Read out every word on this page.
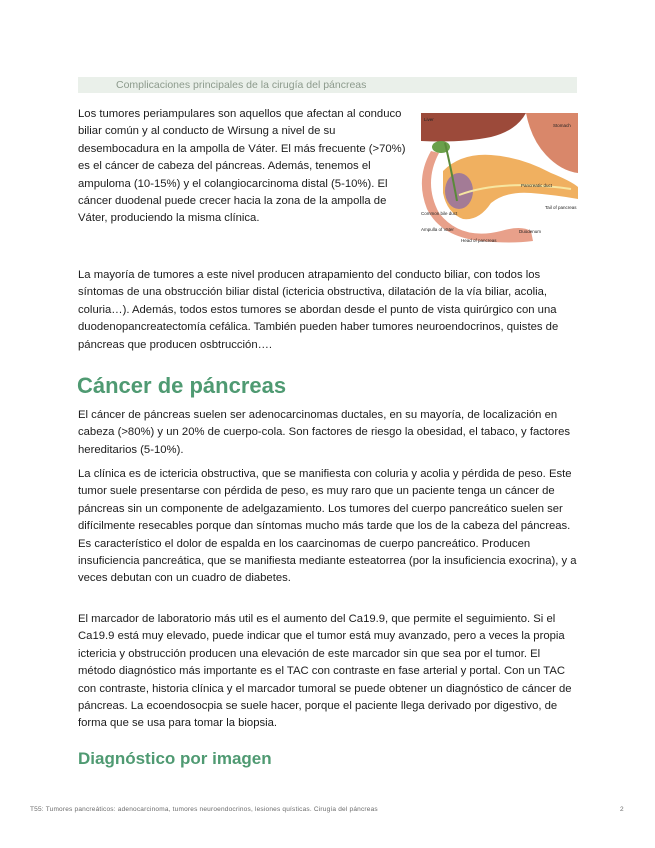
Complicaciones principales de la cirugía del páncreas

Los tumores periampulares son aquellos que afectan al conduco biliar común y al conducto de Wirsung a nivel de su desembocadura en la ampolla de Váter. El más frecuente (>70%) es el cáncer de cabeza del páncreas. Además, tenemos el ampuloma (10-15%) y el colangiocarcinoma distal (5-10%). El cáncer duodenal puede crecer hacia la zona de la ampolla de Váter, produciendo la misma clínica.

Liver
Stomach
Pancreatic duct
Tail of pancreas
Common bile duct
Ampulla of Vater	Duodenum
Head of pancreas

La mayoría de tumores a este nivel producen atrapamiento del conducto biliar, con todos los síntomas de una obstrucción biliar distal (ictericia obstructiva, dilatación de la vía biliar, acolia, coluria…). Además, todos estos tumores se abordan desde el punto de vista quirúrgico con una duodenopancreatectomía cefálica. También pueden haber tumores neuroendocrinos, quistes de páncreas que producen osbtrucción….

Cáncer de páncreas

El cáncer de páncreas suelen ser adenocarcinomas ductales, en su mayoría, de localización en cabeza (>80%) y un 20% de cuerpo-cola. Son factores de riesgo la obesidad, el tabaco, y factores hereditarios (5-10%).

La clínica es de ictericia obstructiva, que se manifiesta con coluria y acolia y pérdida de peso. Este tumor suele presentarse con pérdida de peso, es muy raro que un paciente tenga un cáncer de páncreas sin un componente de adelgazamiento. Los tumores del cuerpo pancreático suelen ser difícilmente resecables porque dan síntomas mucho más tarde que los de la cabeza del páncreas. Es característico el dolor de espalda en los caarcinomas de cuerpo pancreático. Producen insuficiencia pancreática, que se manifiesta mediante esteatorrea (por la insuficiencia exocrina), y a veces debutan con un cuadro de diabetes.

El marcador de laboratorio más util es el aumento del Ca19.9, que permite el seguimiento. Si el Ca19.9 está muy elevado, puede indicar que el tumor está muy avanzado, pero a veces la propia ictericia y obstrucción producen una elevación de este marcador sin que sea por el tumor. El método diagnóstico más importante es el TAC con contraste en fase arterial y portal. Con un TAC con contraste, historia clínica y el marcador tumoral se puede obtener un diagnóstico de cáncer de páncreas. La ecoendosocpia se suele hacer, porque el paciente llega derivado por digestivo, de forma que se usa para tomar la biopsia.

Diagnóstico por imagen
T55: Tumores pancreáticos: adenocarcinoma, tumores neuroendocrinos, lesiones quísticas. Cirugía del páncreas	2
